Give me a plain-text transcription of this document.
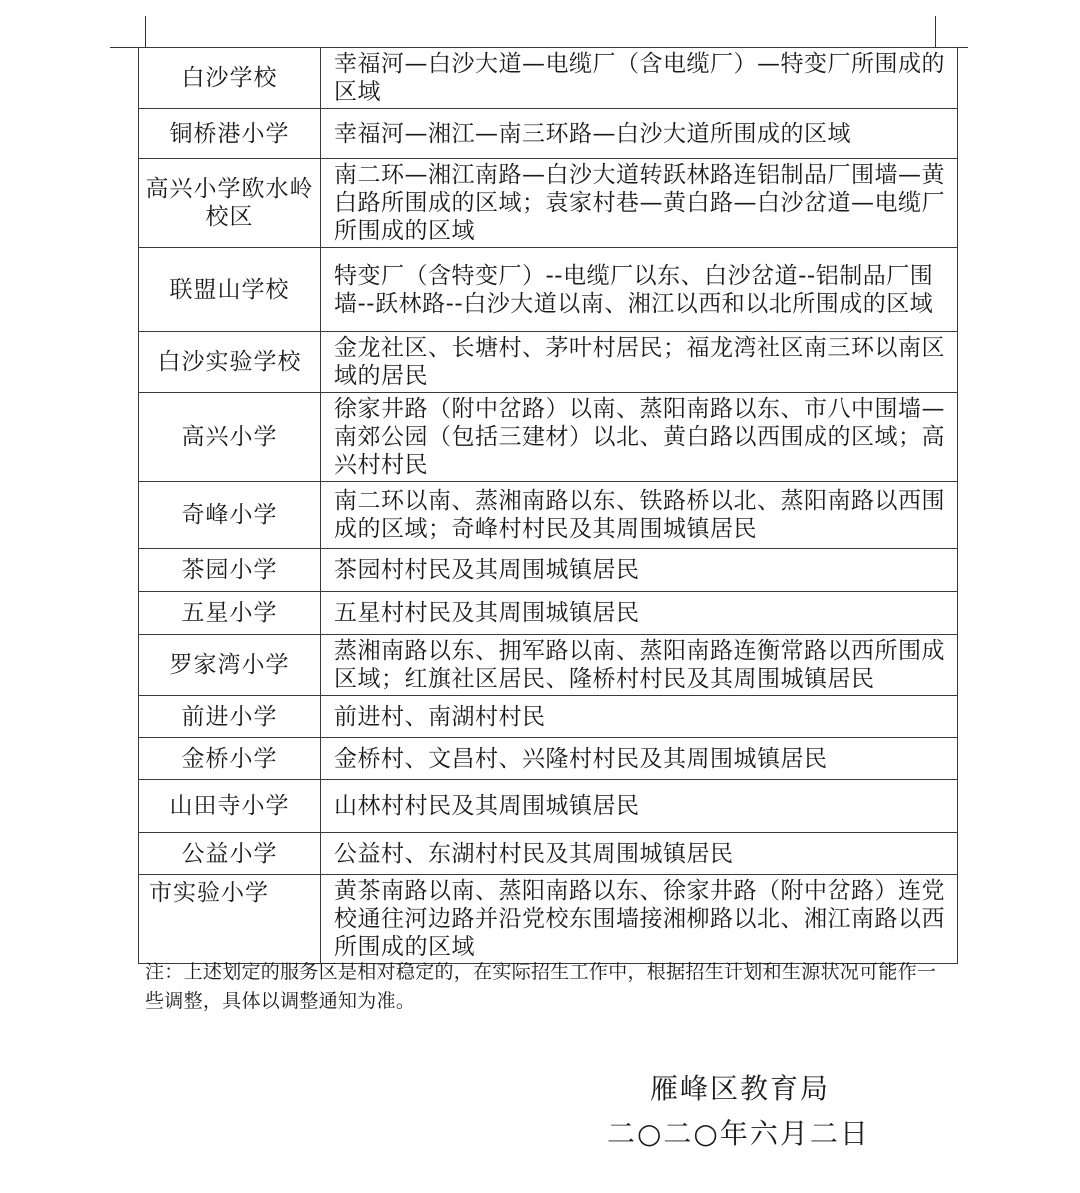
白沙学校	幸福河—白沙大道—电缆厂（含电缆厂）—特变厂所围成的区域
铜桥港小学	幸福河—湘江—南三环路—白沙大道所围成的区域
高兴小学欧水岭校区	南二环—湘江南路—白沙大道转跃林路连铝制品厂围墙—黄白路所围成的区域；袁家村巷—黄白路—白沙岔道—电缆厂所围成的区域
联盟山学校	特变厂（含特变厂）--电缆厂以东、白沙岔道--铝制品厂围墙--跃林路--白沙大道以南、湘江以西和以北所围成的区域
白沙实验学校	金龙社区、长塘村、茅叶村居民；福龙湾社区南三环以南区域的居民
高兴小学	徐家井路（附中岔路）以南、蒸阳南路以东、市八中围墙—南郊公园（包括三建材）以北、黄白路以西围成的区域；高兴村村民
奇峰小学	南二环以南、蒸湘南路以东、铁路桥以北、蒸阳南路以西围成的区域；奇峰村村民及其周围城镇居民
茶园小学	茶园村村民及其周围城镇居民
五星小学	五星村村民及其周围城镇居民
罗家湾小学	蒸湘南路以东、拥军路以南、蒸阳南路连衡常路以西所围成区域；红旗社区居民、隆桥村村民及其周围城镇居民
前进小学	前进村、南湖村村民
金桥小学	金桥村、文昌村、兴隆村村民及其周围城镇居民
山田寺小学	山林村村民及其周围城镇居民
公益小学	公益村、东湖村村民及其周围城镇居民
市实验小学	黄茶南路以南、蒸阳南路以东、徐家井路（附中岔路）连党校通往河边路并沿党校东围墙接湘柳路以北、湘江南路以西所围成的区域
注：上述划定的服务区是相对稳定的，在实际招生工作中，根据招生计划和生源状况可能作一些调整，具体以调整通知为准。
雁峰区教育局
二○二○年六月二日
